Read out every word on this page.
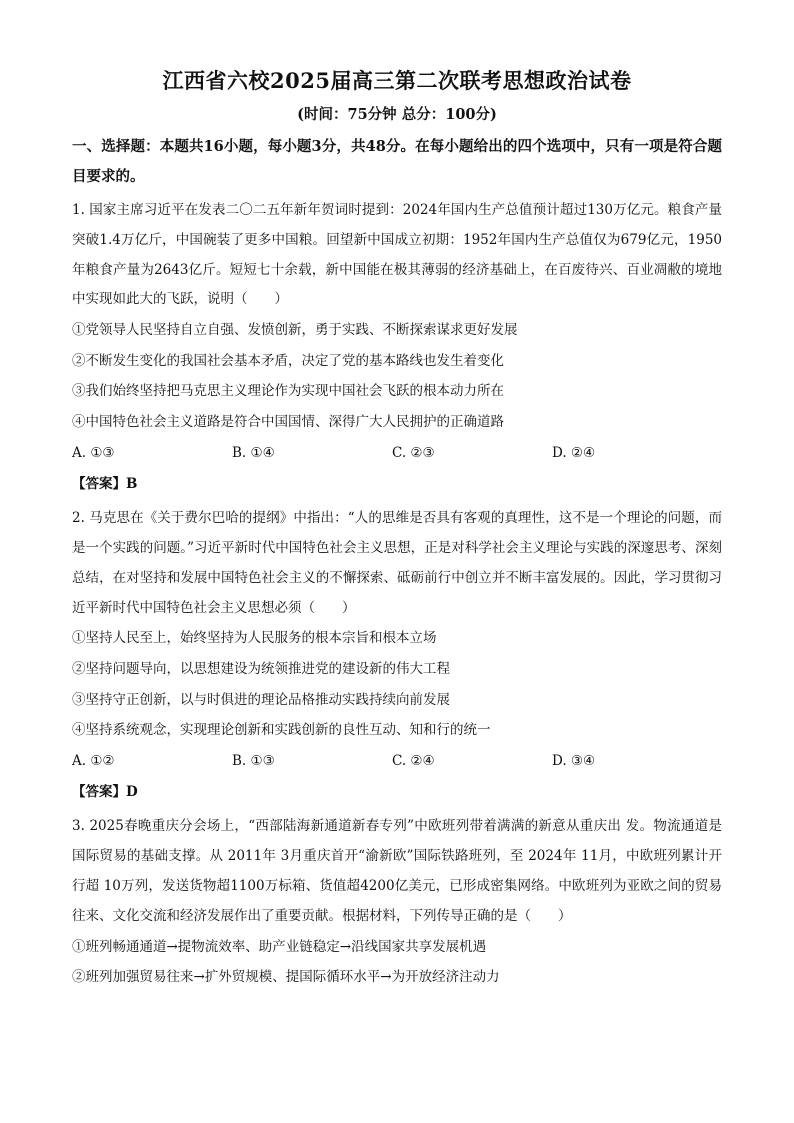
江西省六校2025届高三第二次联考思想政治试卷

(时间：75分钟 总分：100分)

一、选择题：本题共16小题，每小题3分，共48分。在每小题给出的四个选项中，只有一项是符合题目要求的。

1. 国家主席习近平在发表二〇二五年新年贺词时提到：2024年国内生产总值预计超过130万亿元。粮食产量突破1.4万亿斤，中国碗装了更多中国粮。回望新中国成立初期：1952年国内生产总值仅为679亿元，1950年粮食产量为2643亿斤。短短七十余载，新中国能在极其薄弱的经济基础上，在百废待兴、百业凋敝的境地中实现如此大的飞跃，说明（　　）

①党领导人民坚持自立自强、发愤创新，勇于实践、不断探索谋求更好发展

②不断发生变化的我国社会基本矛盾，决定了党的基本路线也发生着变化

③我们始终坚持把马克思主义理论作为实现中国社会飞跃的根本动力所在

④中国特色社会主义道路是符合中国国情、深得广大人民拥护的正确道路

A. ①③	B. ①④	C. ②③	D. ②④

【答案】B

2. 马克思在《关于费尔巴哈的提纲》中指出：“人的思维是否具有客观的真理性，这不是一个理论的问题，而是一个实践的问题。”习近平新时代中国特色社会主义思想，正是对科学社会主义理论与实践的深邃思考、深刻总结，在对坚持和发展中国特色社会主义的不懈探索、砥砺前行中创立并不断丰富发展的。因此，学习贯彻习近平新时代中国特色社会主义思想必须（　　）

①坚持人民至上，始终坚持为人民服务的根本宗旨和根本立场

②坚持问题导向，以思想建设为统领推进党的建设新的伟大工程

③坚持守正创新，以与时俱进的理论品格推动实践持续向前发展

④坚持系统观念，实现理论创新和实践创新的良性互动、知和行的统一

A. ①②	B. ①③	C. ②④	D. ③④

【答案】D

3. 2025春晚重庆分会场上，“西部陆海新通道新春专列”中欧班列带着满满的新意从重庆出 发。物流通道是国际贸易的基础支撑。从 2011年 3月重庆首开“渝新欧”国际铁路班列，至 2024年 11月，中欧班列累计开行超 10万列，发送货物超1100万标箱、货值超4200亿美元，已形成密集网络。中欧班列为亚欧之间的贸易往来、文化交流和经济发展作出了重要贡献。根据材料，下列传导正确的是（　　）

①班列畅通通道→提物流效率、助产业链稳定→沿线国家共享发展机遇

②班列加强贸易往来→扩外贸规模、提国际循环水平→为开放经济注动力
